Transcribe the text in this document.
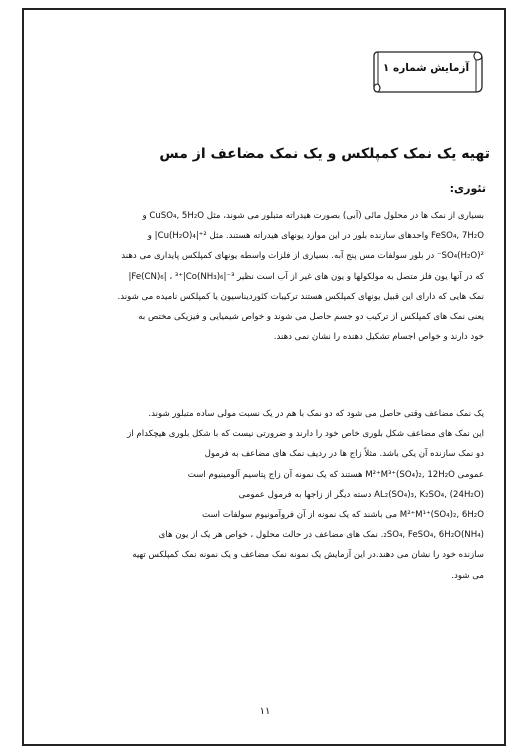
آزمایش شماره ۱
تهیه یک نمک کمپلکس و یک نمک مضاعف از مس
تئوری:
بسیاری از نمک ها در محلول مائی (آبی) بصورت هیدراته متبلور می شوند، مثل CuSO₄, 5H₂O و
FeSO₄, 7H₂O واحدهای سازنده بلور در این موارد یونهای هیدراته هستند. مثل ²⁺|Cu(H₂O)₄| و
SO₄(H₂O)²⁻ در بلور سولفات مس پنج آبه. بسیاری از فلزات واسطه یونهای کمپلکس پایداری می دهند
که در آنها یون فلز متصل به مولکولها و یون های غیر از آب است نظیر ³⁻|Fe(CN)₆| ، ³⁺|Co(NH₃)₆|
نمک هایی که دارای این قبیل یونهای کمپلکس هستند ترکیبات کئوردیناسیون یا کمپلکس نامیده می شوند.
یعنی نمک های کمپلکس از ترکیب دو جسم حاصل می شوند و خواص شیمیایی و فیزیکی مختص به
خود دارند و خواص اجسام تشکیل دهنده را نشان نمی دهند.
یک نمک مضاعف وقتی حاصل می شود که دو نمک با هم در یک نسبت مولی ساده متبلور شوند.
این نمک های مضاعف شکل بلوری خاص خود را دارند و ضرورتی نیست که با شکل بلوری هیچکدام از
دو نمک سازنده آن یکی باشد. مثلاً زاج ها در ردیف نمک های مضاعف به فرمول
عمومی M²⁺M³⁺(SO₄)₂, 12H₂O هستند که یک نمونه آن زاج پتاسیم آلومینیوم است
AL₂(SO₄)₃, K₂SO₄, (24H₂O) دسته دیگر از زاجها به فرمول عمومی
M²⁺M¹⁺(SO₄)₂, 6H₂O می باشند که یک نمونه از آن فروآمونیوم سولفات است
(NH₄)₂SO₄, FeSO₄, 6H₂O. نمک های مضاعف در حالت محلول ، خواص هر یک از یون های
سازنده خود را نشان می دهند.در این آزمایش یک نمونه نمک مضاعف و یک نمونه نمک کمپلکس تهیه
می شود.
۱۱
